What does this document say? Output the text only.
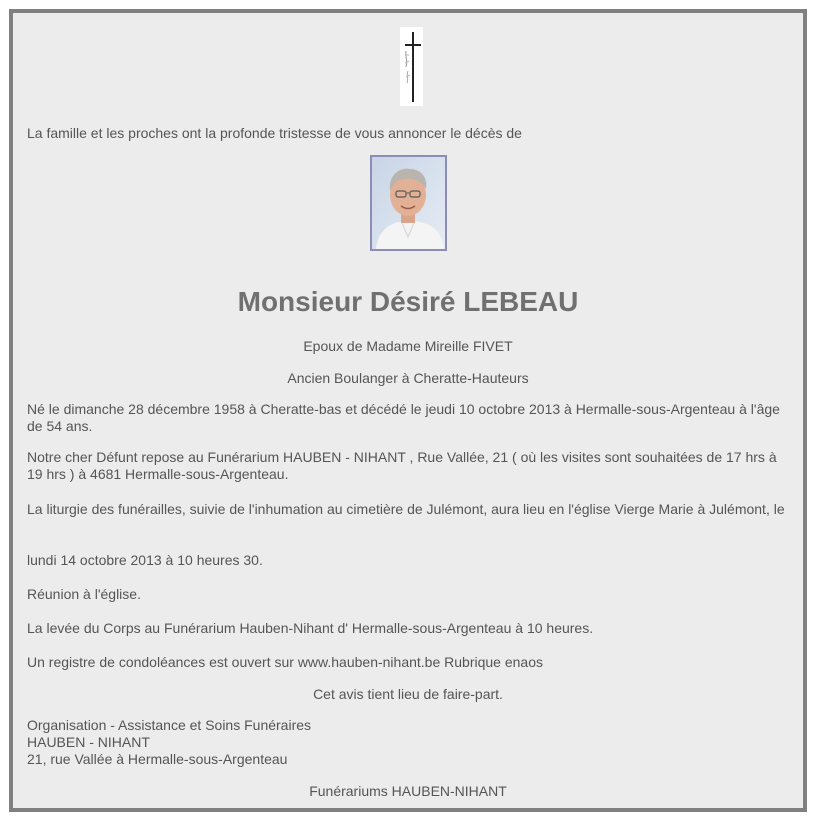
La famille et les proches ont la profonde tristesse de vous annoncer le décès de

Monsieur Désiré LEBEAU

Epoux de Madame Mireille FIVET

Ancien Boulanger à Cheratte-Hauteurs

Né le dimanche 28 décembre 1958 à Cheratte-bas et décédé le jeudi 10 octobre 2013 à Hermalle-sous-Argenteau à l'âge de 54 ans.

Notre cher Défunt repose au Funérarium HAUBEN - NIHANT , Rue Vallée, 21 ( où les visites sont souhaitées de 17 hrs à 19 hrs ) à 4681 Hermalle-sous-Argenteau.

La liturgie des funérailles, suivie de l'inhumation au cimetière de Julémont, aura lieu en l'église Vierge Marie à Julémont, le

lundi 14 octobre 2013 à 10 heures 30.

Réunion à l'église.

La levée du Corps au Funérarium Hauben-Nihant d' Hermalle-sous-Argenteau à 10 heures.

Un registre de condoléances est ouvert sur www.hauben-nihant.be Rubrique enaos

Cet avis tient lieu de faire-part.

Organisation - Assistance et Soins Funéraires
HAUBEN - NIHANT
21, rue Vallée à Hermalle-sous-Argenteau

Funérariums HAUBEN-NIHANT
